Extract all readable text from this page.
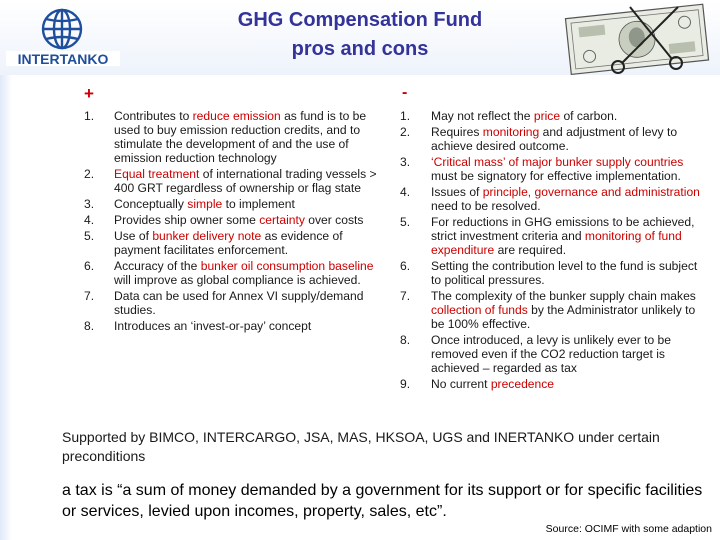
INTERTANKO
GHG Compensation Fund
pros and cons
+	-
1. Contributes to reduce emission as fund is to be used to buy emission reduction credits, and to stimulate the development of and the use of emission reduction technology
2. Equal treatment of international trading vessels > 400 GRT regardless of ownership or flag state
3. Conceptually simple to implement
4. Provides ship owner some certainty over costs
5. Use of bunker delivery note as evidence of payment facilitates enforcement.
6. Accuracy of the bunker oil consumption baseline will improve as global compliance is achieved.
7. Data can be used for Annex VI supply/demand studies.
8. Introduces an ‘invest-or-pay’ concept
1. May not reflect the price of carbon.
2. Requires monitoring and adjustment of levy to achieve desired outcome.
3. ‘Critical mass’ of major bunker supply countries must be signatory for effective implementation.
4. Issues of principle, governance and administration need to be resolved.
5. For reductions in GHG emissions to be achieved, strict investment criteria and monitoring of fund expenditure are required.
6. Setting the contribution level to the fund is subject to political pressures.
7. The complexity of the bunker supply chain makes collection of funds by the Administrator unlikely to be 100% effective.
8. Once introduced, a levy is unlikely ever to be removed even if the CO2 reduction target is achieved – regarded as tax
9. No current precedence
Supported by BIMCO, INTERCARGO, JSA, MAS, HKSOA, UGS and INERTANKO under certain preconditions
a tax is “a sum of money demanded by a government for its support or for specific facilities or services, levied upon incomes, property, sales, etc”.
Source: OCIMF with some adaption
